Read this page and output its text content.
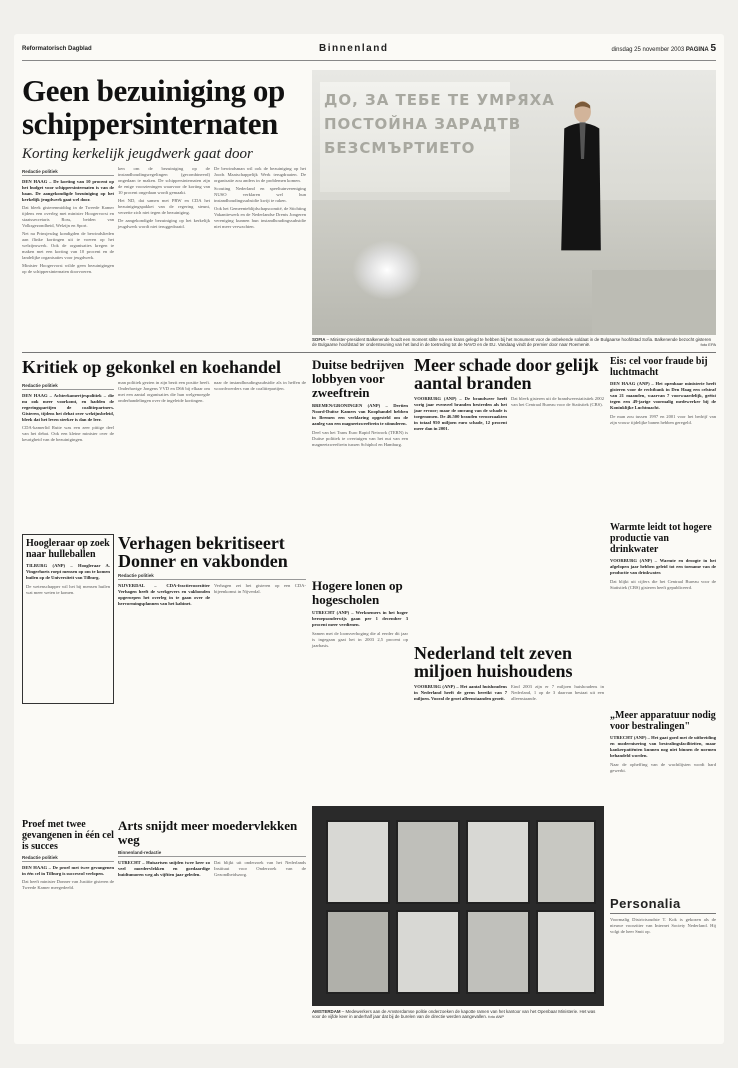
Reformatorisch Dagblad	Binnenland	dinsdag 25 november 2003 PAGINA 5
Geen bezuiniging op schippersinternaten
Korting kerkelijk jeugdwerk gaat door
Redactie politiek
DEN HAAG – De korting van 10 procent op het budget voor schippersinternaten is van de baan. De aangekondigde bezuiniging op het kerkelijk jeugdwerk gaat wel door.

Dat bleek gisterenmiddag in de Tweede Kamer tijdens een overleg met minister Hoogervorst en staatssecretaris Ross, beiden van Volksgezondheid, Welzijn en Sport.

Net na Prinsjesdag kondigden de bewindslieden aan flinke kortingen uit te voeren op het welzijnswerk. Ook de organisaties kregen te maken met een korting van 10 procent en de landelijke organisaties voor jeugdwerk.

Minister Hoogervorst wilde geen bezuinigingen op de schippersinternaten doorvoeren.

ken om de bezuiniging op de instandhoudingsregelingen (gecombineerd) ongedaan te maken. De schippersinternaten zijn de enige voorzieningen waarvoor de korting van 10 procent ongedaan wordt gemaakt.

Het ND, dat samen met PRW en CDA het bezuinigingspakket van de regering steunt, verzette zich niet tegen de bezuiniging.

De aangekondigde bezuiniging op het kerkelijk jeugdwerk wordt niet teruggedraaid.

De bewindsman wil ook de bezuiniging op het Joods Maatschappelijk Werk terugdraaien. De organisatie zou anders in de problemen komen.

Scouting Nederland en speeltuinvereniging NUSO verklaren wel hun instandhoudingssubsidie kwijt te raken.

Ook het Gemeenteblijdschapscomité, de Stichting Vakantiewerk en de Nederlandse Drents Jongeren vereniging kunnen hun instandhoudingssubsidie niet meer verwachten.

ДО, ЗА ТЕБЕ ТЕ УМРЯХА
ПОСТОЙНА ЗАРАДТВ
БЕЗСМЪРТИЕТО
SOFIA – Minister-president Balkenende houdt een moment stilte na een krans gelegd te hebben bij het monument voor de onbekende soldaat in de Bulgaarse hoofdstad Sofia. Balkenende bezocht gisteren de Bulgaarse hoofdstad ter ondersteuning van het land in de toetreding tot de NAVO en de EU. Vandaag vindt de premier door naar Roemenië.	foto EPA
Kritiek op gekonkel en koehandel
Redactie politiek
DEN HAAG – Achterkamertjespolitiek – die nu ook meer voorkomt, en hadden de regeringspartijen de coalitiepartners. Gisteren, tijdens het debat over welzijnsbeleid, bleek dat het leven sterker is dan de leer.

CDA-kamerlid Rutte was een zeer pittige deel van het debat. Ook een kleine minister over de keurigheid van de bezuinigingen.

man politiek gezien in zijn bezit een positie heeft. Onderhavige Jongens VVD en D66 bij elkaar om met een aantal organisaties die hun welgenoegde onderhandelingen over de ingeleide kortingen.

naar de instandhoudingssubsidie als in heffen de woordvoerders van de coalitiepartijen.

Duitse bedrijven lobbyen voor zweeftrein

BREMEN/GRONINGEN (ANP) – Dertien Noord-Duitse Kamers van Koophandel hebben in Bremen een verklaring opgesteld om de aanleg van een magneetzweeftrein te stimuleren.

Deel van het Trans Euro Rapid Network (TERN) is Duitse politiek te overtuigen van het nut van een magneetzweeftrein tussen Schiphol en Hamburg.

Hogere lonen op hogescholen

UTRECHT (ANP) – Werknemers in het hoger beroepsonderwijs gaan per 1 december 3 procent meer verdienen.

Samen met de loonsverhoging die al eerder dit jaar is ingegaan gaat het in 2003 2,5 procent op jaarbasis.

Meer schade door gelijk aantal branden

VOORBURG (ANP) – De brandweer heeft vorig jaar evenveel branden bestreden als het jaar ervoor; maar de omvang van de schade is toegenomen. De 46.500 branden veroorzaakten in totaal 950 miljoen euro schade, 12 procent meer dan in 2001.

Dat bleek gisteren uit de brandweerstatistiek 2002 van het Centraal Bureau voor de Statistiek (CBS).

Nederland telt zeven miljoen huishoudens

VOORBURG (ANP) – Het aantal huishoudens in Nederland heeft de grens bereikt van 7 miljoen. Vooral de groei alleenstaanden groeit.

Eind 2003 zijn er 7 miljoen huishoudens in Nederland, 1 op de 3 daarvan bestaat uit een alleenstaande.

Eis: cel voor fraude bij luchtmacht

DEN HAAG (ANP) – Het openbaar ministerie heeft gisteren voor de rechtbank in Den Haag een celstraf van 21 maanden, waarvan 7 voorwaardelijk, geëist tegen een 49-jarige voormalig medewerker bij de Koninklijke Luchtmacht.

De man zou tussen 1997 en 2001 voor het bedrijf van zijn vrouw tijdelijke banen hebben geregeld.

Warmte leidt tot hogere productie van drinkwater

VOORBURG (ANP) – Warmte en droogte in het afgelopen jaar hebben geleid tot een toename van de productie van drinkwater.

Dat blijkt uit cijfers die het Centraal Bureau voor de Statistiek (CBS) gisteren heeft gepubliceerd.

„Meer apparatuur nodig voor bestralingen"

UTRECHT (ANP) – Het gaat goed met de uitbreiding en modernisering van bestralingsfaciliteiten, maar kankerpatiënten kunnen nog niet binnen de normen behandeld worden.

Naar de opheffing van de wachtlijsten wordt hard gewerkt.

Personalia

Voormalig Districtsoudste T. Kok is gekozen als de nieuwe voorzitter van Internet Society Nederland. Hij volgt de heer Smit op.

Hoogleraar op zoek naar hulleballen

TILBURG (ANP) – Hoogleraar A. Vingerhoets roept mensen op om te komen huilen op de Universiteit van Tilburg.

De wetenschapper wil het bij mensen huilen wat meer weten te komen.

Verhagen bekritiseert Donner en vakbonden
Redactie politiek

NIJVERDAL – CDA-fractievoorzitter Verhagen heeft de werkgevers en vakbonden opgeroepen het overleg in te gaan over de hervormingsplannen van het kabinet.

Verhagen zei het gisteren op een CDA-bijeenkomst in Nijverdal.

Proef met twee gevangenen in één cel is succes
Redactie politiek

DEN HAAG – De proef met twee gevangenen in één cel in Tilburg is succesvol verlopen.

Dat heeft minister Donner van Justitie gisteren de Tweede Kamer meegedeeld.

Arts snijdt meer moedervlekken weg
Binnenland-redactie

UTRECHT – Huisartsen snijden twee keer zo veel moedervlekken en goedaardige huidtumoren weg als vijftien jaar geleden.

Dat blijkt uit onderzoek van het Nederlands Instituut voor Onderzoek van de Gezondheidszorg.

AMSTERDAM – Medewerkers aan de Amsterdamse politie onderzoeken de kapotte ramen van het kantoor van het Openbaar Ministerie. Het was voor de vijfde keer in anderhalf jaar dat bij de burelen van de directie werden aangevallen. foto ANP
